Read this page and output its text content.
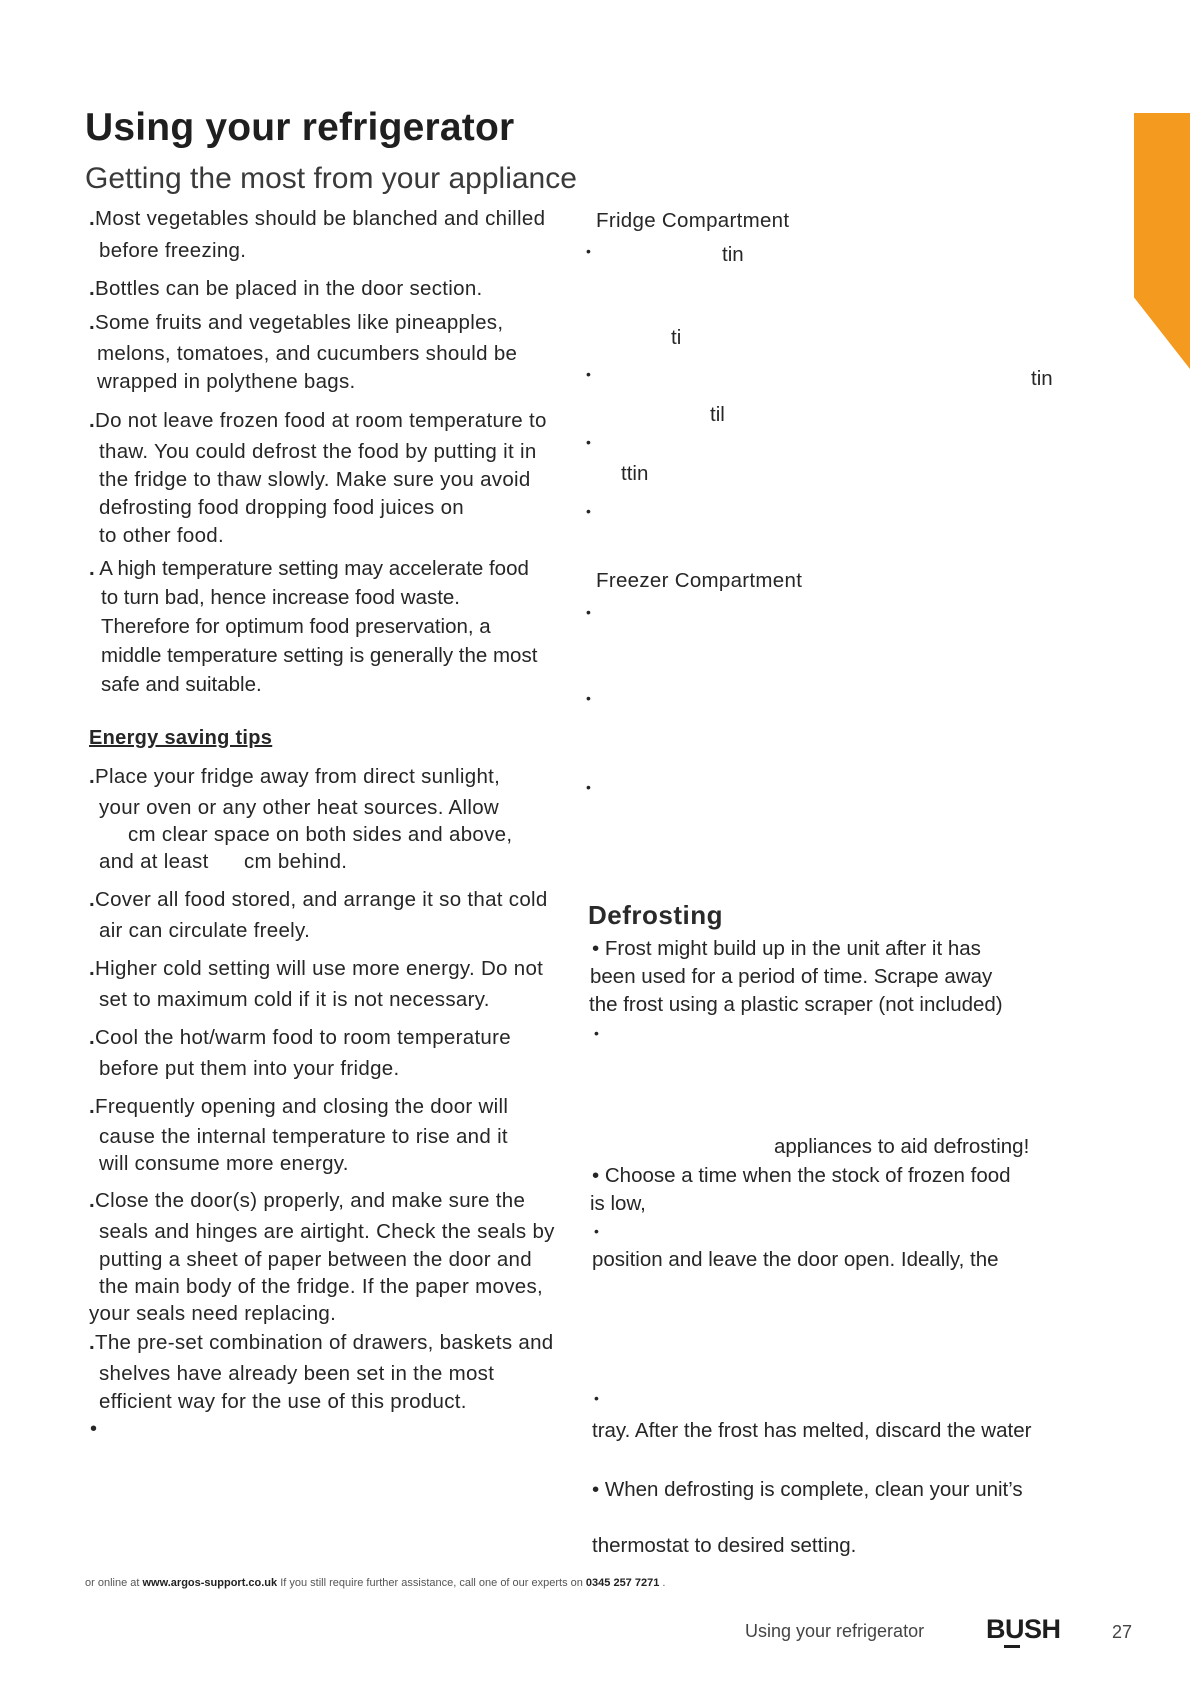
Using your refrigerator
Getting the most from your appliance
.Most vegetables should be blanched and chilled
before freezing.
.Bottles can be placed in the door section.
.Some fruits and vegetables like pineapples,
melons, tomatoes, and cucumbers should be
wrapped in polythene bags.
.Do not leave frozen food at room temperature to
thaw. You could defrost the food by putting it in
the fridge to thaw slowly. Make sure you avoid
defrosting food dropping food juices on
to other food.
. A high temperature setting may accelerate food
to turn bad, hence increase food waste.
Therefore for optimum food preservation, a
middle temperature setting is generally the most
safe and suitable.
Energy saving tips
.Place your fridge away from direct sunlight,
your oven or any other heat sources. Allow
cm clear space on both sides and above,
and at least cm behind.
.Cover all food stored, and arrange it so that cold
air can circulate freely.
.Higher cold setting will use more energy. Do not
set to maximum cold if it is not necessary.
.Cool the hot/warm food to room temperature
before put them into your fridge.
.Frequently opening and closing the door will
cause the internal temperature to rise and it
will consume more energy.
.Close the door(s) properly, and make sure the
seals and hinges are airtight. Check the seals by
putting a sheet of paper between the door and
the main body of the fridge. If the paper moves,
your seals need replacing.
.The pre-set combination of drawers, baskets and
shelves have already been set in the most
efficient way for the use of this product.
•
Fridge Compartment
•	tin
ti
•	tin
til
•
ttin
•
Freezer Compartment
•
•
•
Defrosting
• Frost might build up in the unit after it has
been used for a period of time. Scrape away
the frost using a plastic scraper (not included)
•
appliances to aid defrosting!
• Choose a time when the stock of frozen food
is low,
•
position and leave the door open. Ideally, the
•
tray. After the frost has melted, discard the water
• When defrosting is complete, clean your unit’s
thermostat to desired setting.
or online at www.argos-support.co.uk If you still require further assistance, call one of our experts on 0345 257 7271 .
Using your refrigerator BUSH	27
